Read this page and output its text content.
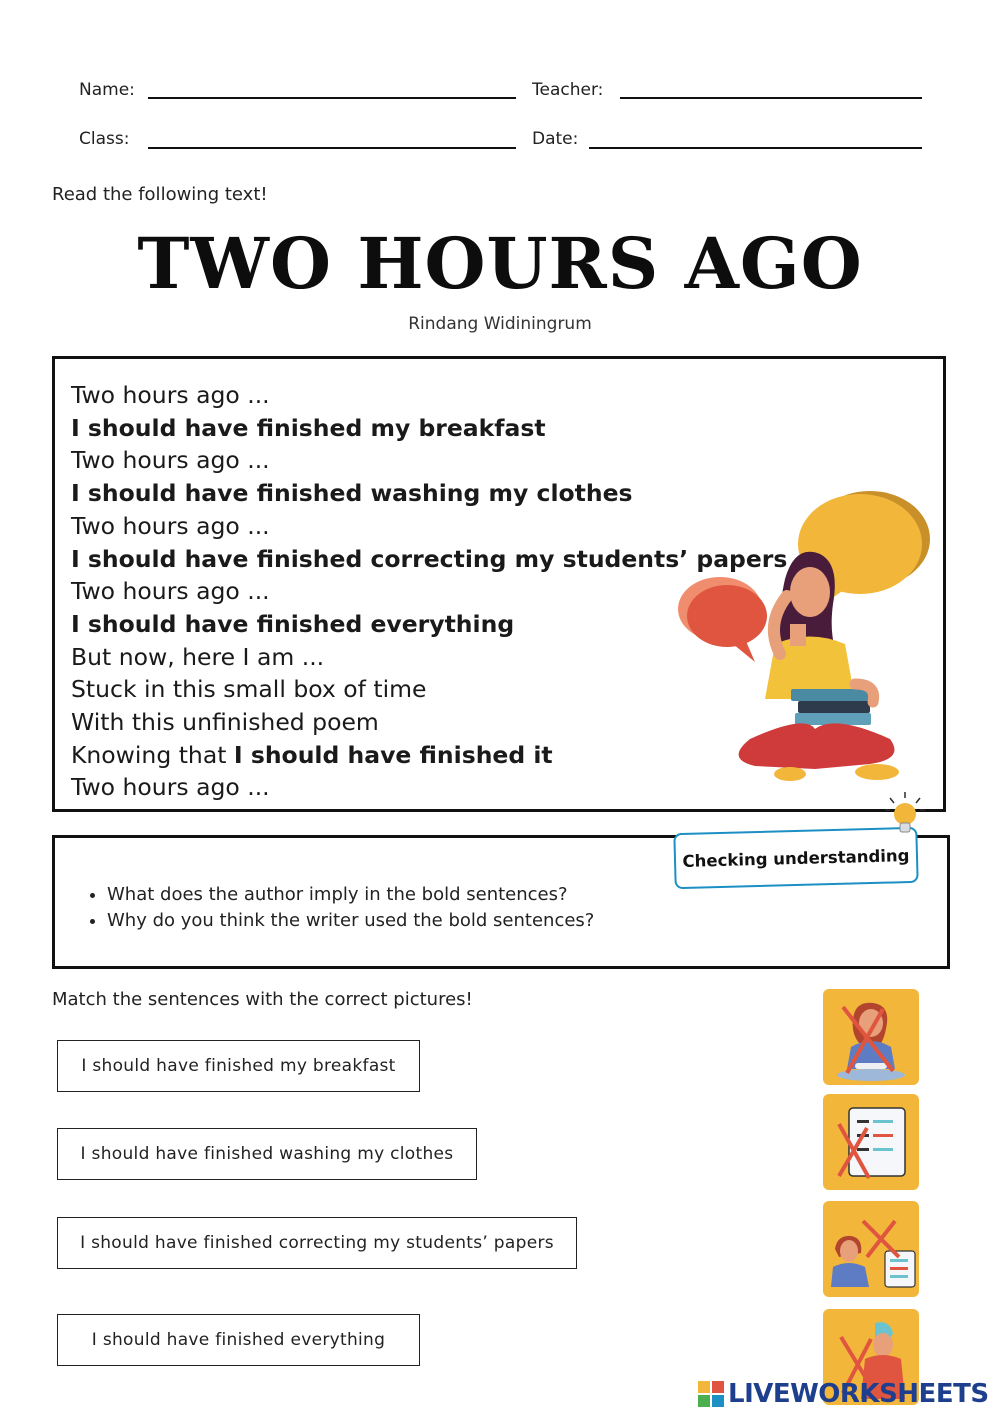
Name:	Teacher:
Class:	Date:
Read the following text!
TWO HOURS AGO
Rindang Widiningrum
Two hours ago ...
I should have finished my breakfast
Two hours ago ...
I should have finished washing my clothes
Two hours ago ...
I should have finished correcting my students’ papers
Two hours ago ...
I should have finished everything
But now, here I am ...
Stuck in this small box of time
With this unfinished poem
Knowing that I should have finished it
Two hours ago ...
• What does the author imply in the bold sentences?
• Why do you think the writer used the bold sentences?
Checking understanding
Match the sentences with the correct pictures!
I should have finished my breakfast
I should have finished washing my clothes
I should have finished correcting my students’ papers
I should have finished everything
LIVEWORKSHEETS
